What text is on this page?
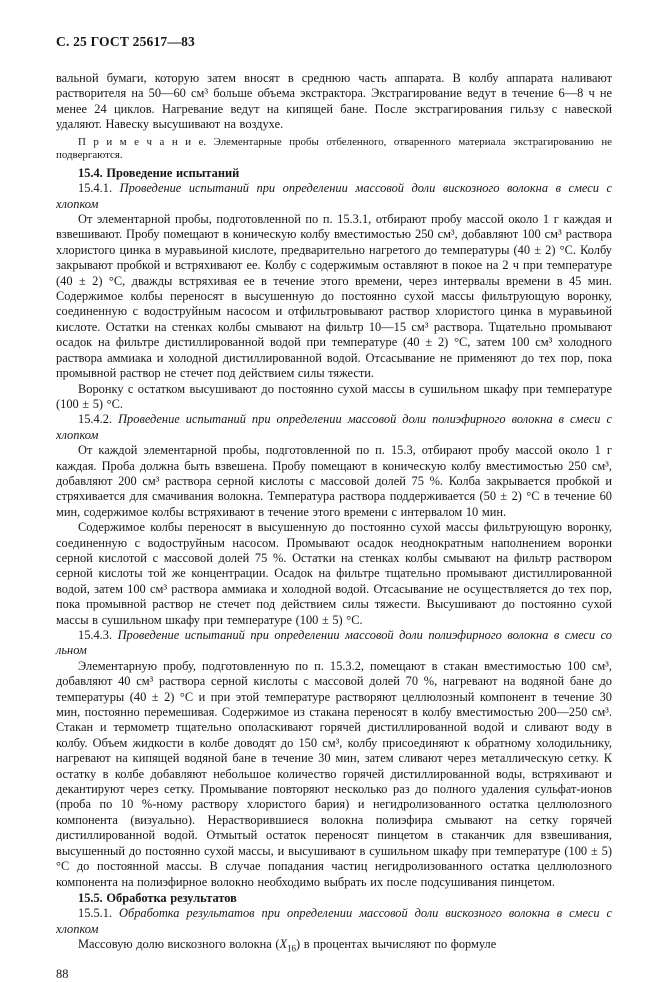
С. 25 ГОСТ 25617—83

вальной бумаги, которую затем вносят в среднюю часть аппарата. В колбу аппарата наливают растворителя на 50—60 см³ больше объема экстрактора. Экстрагирование ведут в течение 6—8 ч не менее 24 циклов. Нагревание ведут на кипящей бане. После экстрагирования гильзу с навеской удаляют. Навеску высушивают на воздухе.

П р и м е ч а н и е. Элементарные пробы отбеленного, отваренного материала экстрагированию не подвергаются.

15.4. Проведение испытаний

15.4.1. Проведение испытаний при определении массовой доли вискозного волокна в смеси с хлопком

От элементарной пробы, подготовленной по п. 15.3.1, отбирают пробу массой около 1 г каждая и взвешивают. Пробу помещают в коническую колбу вместимостью 250 см³, добавляют 100 см³ раствора хлористого цинка в муравьиной кислоте, предварительно нагретого до температуры (40 ± 2) °С. Колбу закрывают пробкой и встряхивают ее. Колбу с содержимым оставляют в покое на 2 ч при температуре (40 ± 2) °С, дважды встряхивая ее в течение этого времени, через интервалы времени в 45 мин. Содержимое колбы переносят в высушенную до постоянно сухой массы фильтрующую воронку, соединенную с водоструйным насосом и отфильтровывают раствор хлористого цинка в муравьиной кислоте. Остатки на стенках колбы смывают на фильтр 10—15 см³ раствора. Тщательно промывают осадок на фильтре дистиллированной водой при температуре (40 ± 2) °С, затем 100 см³ холодного раствора аммиака и холодной дистиллированной водой. Отсасывание не применяют до тех пор, пока промывной раствор не стечет под действием силы тяжести.

Воронку с остатком высушивают до постоянно сухой массы в сушильном шкафу при температуре (100 ± 5) °С.

15.4.2. Проведение испытаний при определении массовой доли полиэфирного волокна в смеси с хлопком

От каждой элементарной пробы, подготовленной по п. 15.3, отбирают пробу массой около 1 г каждая. Проба должна быть взвешена. Пробу помещают в коническую колбу вместимостью 250 см³, добавляют 200 см³ раствора серной кислоты с массовой долей 75 %. Колба закрывается пробкой и стряхивается для смачивания волокна. Температура раствора поддерживается (50 ± 2) °С в течение 60 мин, содержимое колбы встряхивают в течение этого времени с интервалом 10 мин.

Содержимое колбы переносят в высушенную до постоянно сухой массы фильтрующую воронку, соединенную с водоструйным насосом. Промывают осадок неоднократным наполнением воронки серной кислотой с массовой долей 75 %. Остатки на стенках колбы смывают на фильтр раствором серной кислоты той же концентрации. Осадок на фильтре тщательно промывают дистиллированной водой, затем 100 см³ раствора аммиака и холодной водой. Отсасывание не осуществляется до тех пор, пока промывной раствор не стечет под действием силы тяжести. Высушивают до постоянно сухой массы в сушильном шкафу при температуре (100 ± 5) °С.

15.4.3. Проведение испытаний при определении массовой доли полиэфирного волокна в смеси со льном

Элементарную пробу, подготовленную по п. 15.3.2, помещают в стакан вместимостью 100 см³, добавляют 40 см³ раствора серной кислоты с массовой долей 70 %, нагревают на водяной бане до температуры (40 ± 2) °С и при этой температуре растворяют целлюлозный компонент в течение 30 мин, постоянно перемешивая. Содержимое из стакана переносят в колбу вместимостью 200—250 см³. Стакан и термометр тщательно ополаскивают горячей дистиллированной водой и сливают воду в колбу. Объем жидкости в колбе доводят до 150 см³, колбу присоединяют к обратному холодильнику, нагревают на кипящей водяной бане в течение 30 мин, затем сливают через металлическую сетку. К остатку в колбе добавляют небольшое количество горячей дистиллированной воды, встряхивают и декантируют через сетку. Промывание повторяют несколько раз до полного удаления сульфат-ионов (проба по 10 %-ному раствору хлористого бария) и негидролизованного остатка целлюлозного компонента (визуально). Нерастворившиеся волокна полиэфира смывают на сетку горячей дистиллированной водой. Отмытый остаток переносят пинцетом в стаканчик для взвешивания, высушенный до постоянно сухой массы, и высушивают в сушильном шкафу при температуре (100 ± 5) °С до постоянной массы. В случае попадания частиц негидролизованного остатка целлюлозного компонента на полиэфирное волокно необходимо выбрать их после подсушивания пинцетом.

15.5. Обработка результатов

15.5.1. Обработка результатов при определении массовой доли вискозного волокна в смеси с хлопком

Массовую долю вискозного волокна $(Х_{16})$ в процентах вычисляют по формуле

88
